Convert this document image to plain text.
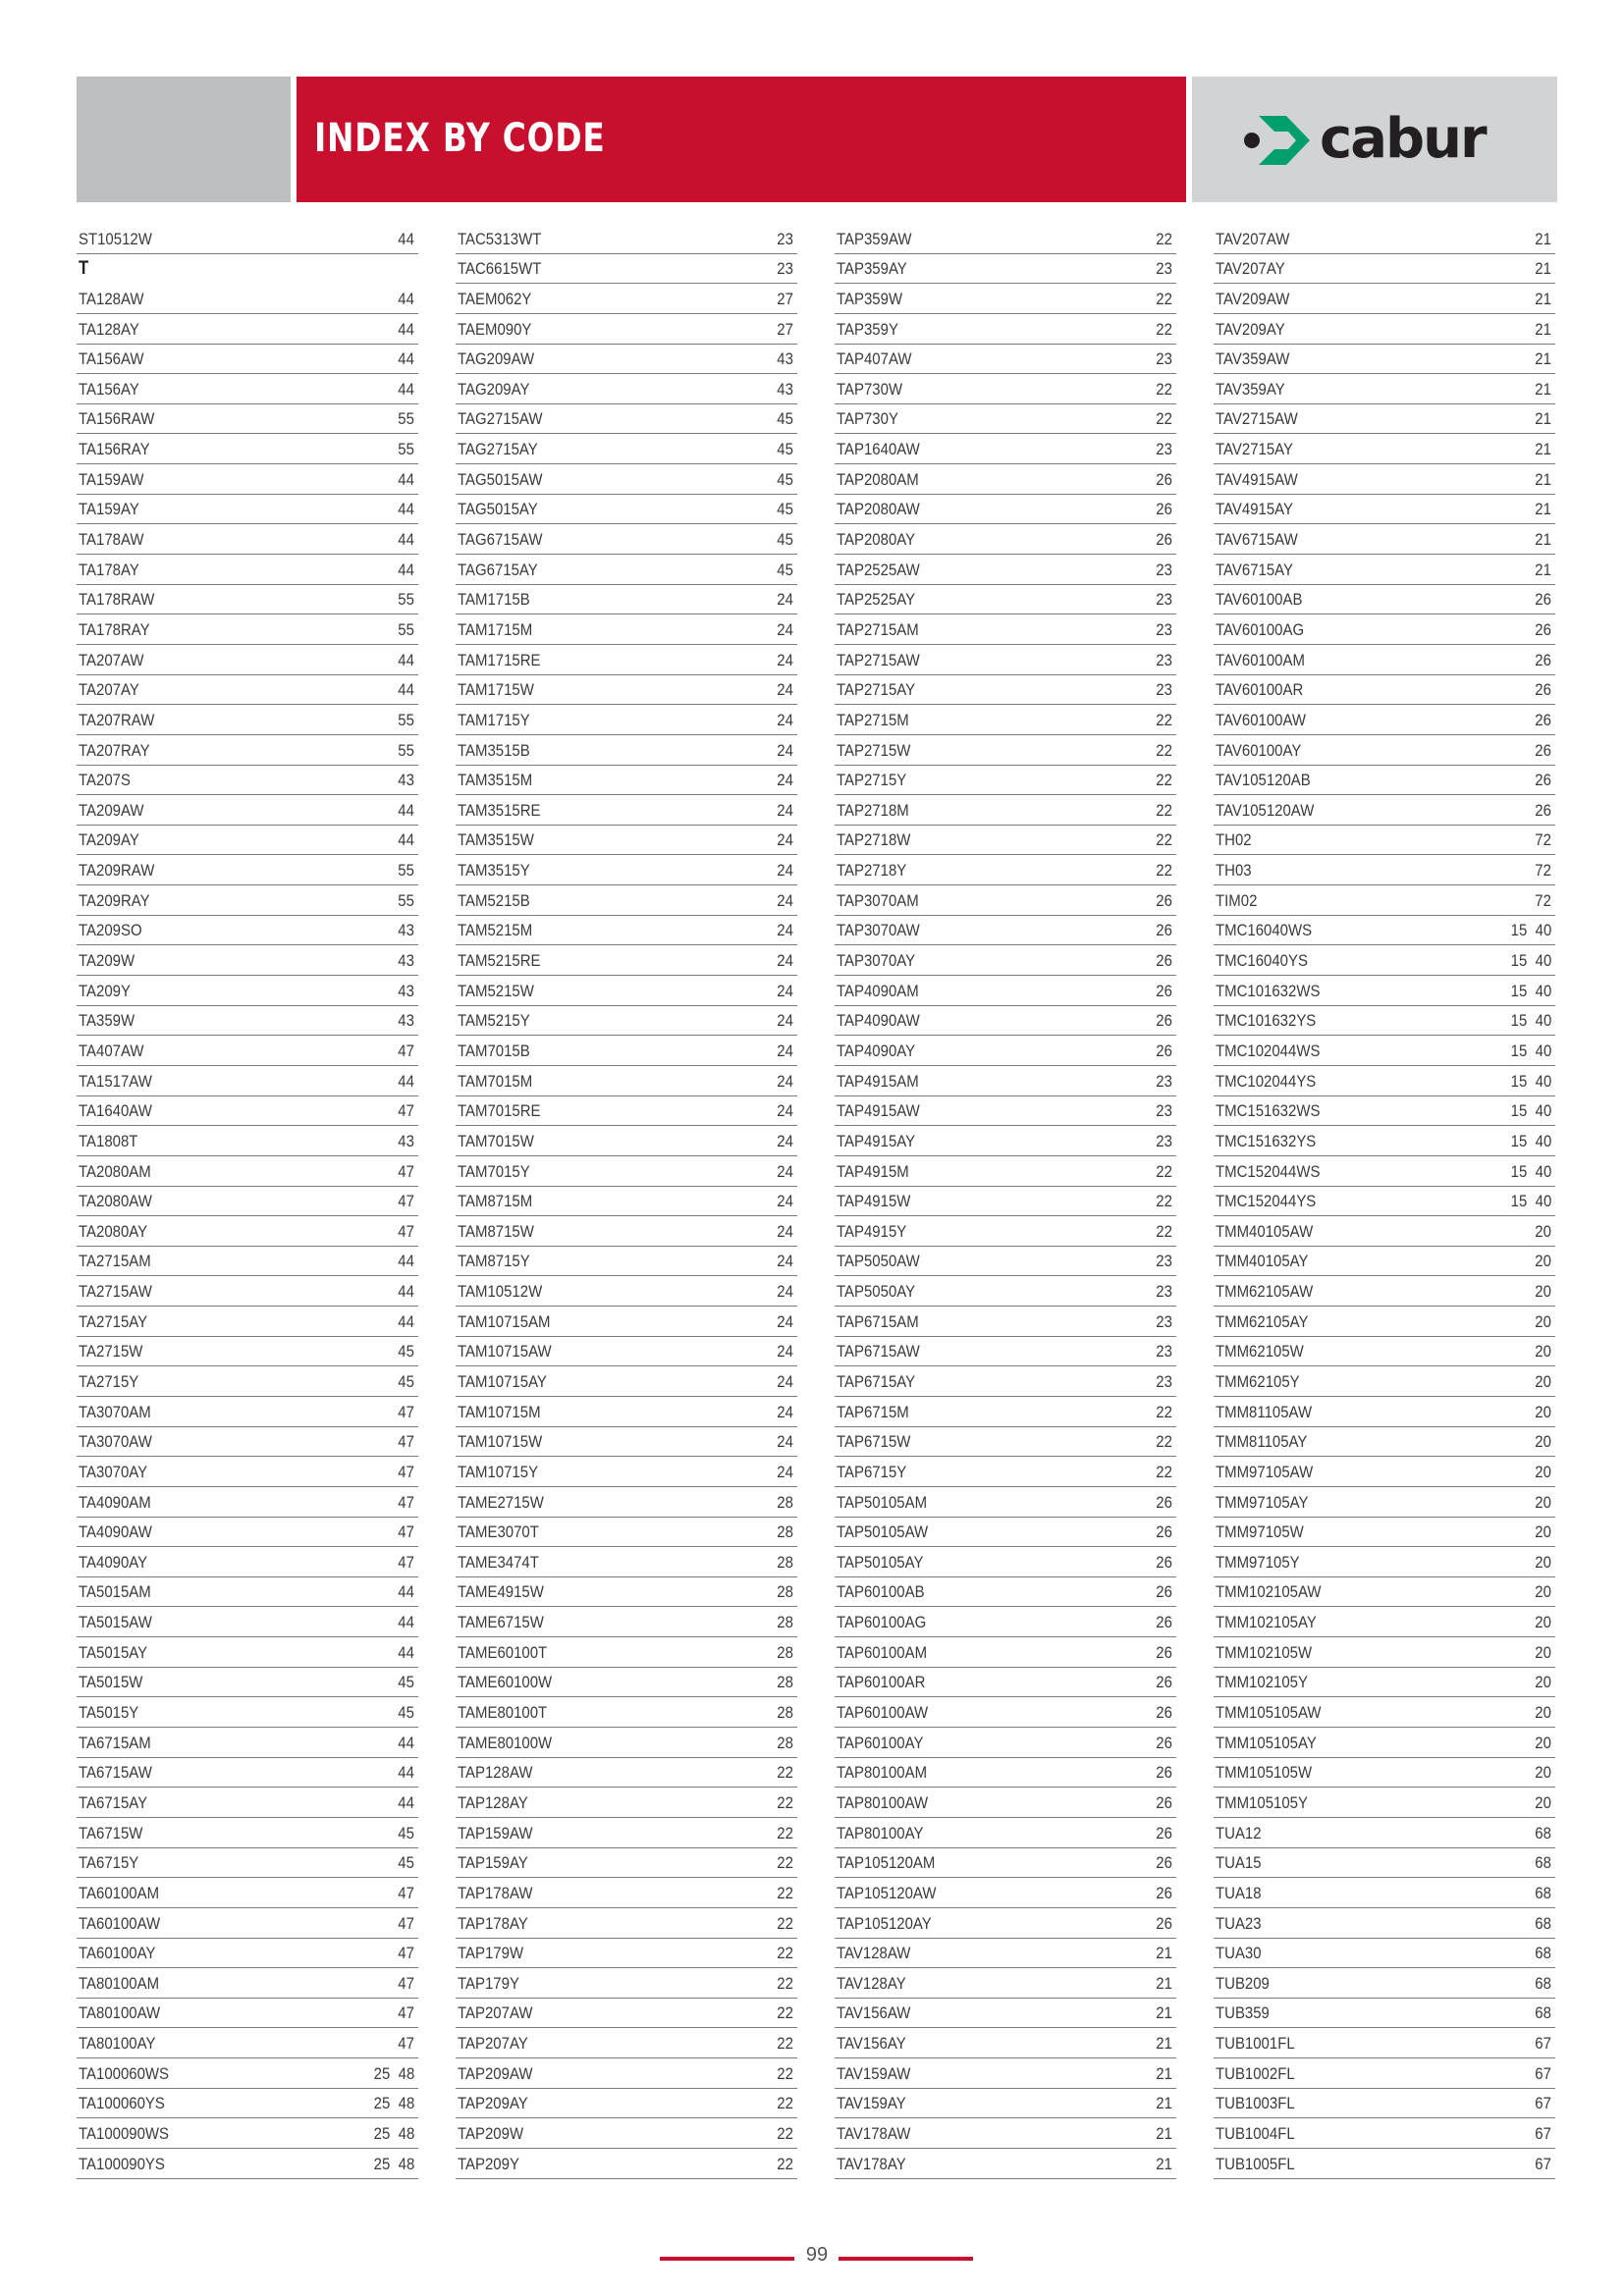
INDEX BY CODE	cabur
ST10512W	44
T
TA128AW	44
TA128AY	44
TA156AW	44
TA156AY	44
TA156RAW	55
TA156RAY	55
TA159AW	44
TA159AY	44
TA178AW	44
TA178AY	44
TA178RAW	55
TA178RAY	55
TA207AW	44
TA207AY	44
TA207RAW	55
TA207RAY	55
TA207S	43
TA209AW	44
TA209AY	44
TA209RAW	55
TA209RAY	55
TA209SO	43
TA209W	43
TA209Y	43
TA359W	43
TA407AW	47
TA1517AW	44
TA1640AW	47
TA1808T	43
TA2080AM	47
TA2080AW	47
TA2080AY	47
TA2715AM	44
TA2715AW	44
TA2715AY	44
TA2715W	45
TA2715Y	45
TA3070AM	47
TA3070AW	47
TA3070AY	47
TA4090AM	47
TA4090AW	47
TA4090AY	47
TA5015AM	44
TA5015AW	44
TA5015AY	44
TA5015W	45
TA5015Y	45
TA6715AM	44
TA6715AW	44
TA6715AY	44
TA6715W	45
TA6715Y	45
TA60100AM	47
TA60100AW	47
TA60100AY	47
TA80100AM	47
TA80100AW	47
TA80100AY	47
TA100060WS	25  48
TA100060YS	25  48
TA100090WS	25  48
TA100090YS	25  48
TAC5313WT	23
TAC6615WT	23
TAEM062Y	27
TAEM090Y	27
TAG209AW	43
TAG209AY	43
TAG2715AW	45
TAG2715AY	45
TAG5015AW	45
TAG5015AY	45
TAG6715AW	45
TAG6715AY	45
TAM1715B	24
TAM1715M	24
TAM1715RE	24
TAM1715W	24
TAM1715Y	24
TAM3515B	24
TAM3515M	24
TAM3515RE	24
TAM3515W	24
TAM3515Y	24
TAM5215B	24
TAM5215M	24
TAM5215RE	24
TAM5215W	24
TAM5215Y	24
TAM7015B	24
TAM7015M	24
TAM7015RE	24
TAM7015W	24
TAM7015Y	24
TAM8715M	24
TAM8715W	24
TAM8715Y	24
TAM10512W	24
TAM10715AM	24
TAM10715AW	24
TAM10715AY	24
TAM10715M	24
TAM10715W	24
TAM10715Y	24
TAME2715W	28
TAME3070T	28
TAME3474T	28
TAME4915W	28
TAME6715W	28
TAME60100T	28
TAME60100W	28
TAME80100T	28
TAME80100W	28
TAP128AW	22
TAP128AY	22
TAP159AW	22
TAP159AY	22
TAP178AW	22
TAP178AY	22
TAP179W	22
TAP179Y	22
TAP207AW	22
TAP207AY	22
TAP209AW	22
TAP209AY	22
TAP209W	22
TAP209Y	22
TAP359AW	22
TAP359AY	23
TAP359W	22
TAP359Y	22
TAP407AW	23
TAP730W	22
TAP730Y	22
TAP1640AW	23
TAP2080AM	26
TAP2080AW	26
TAP2080AY	26
TAP2525AW	23
TAP2525AY	23
TAP2715AM	23
TAP2715AW	23
TAP2715AY	23
TAP2715M	22
TAP2715W	22
TAP2715Y	22
TAP2718M	22
TAP2718W	22
TAP2718Y	22
TAP3070AM	26
TAP3070AW	26
TAP3070AY	26
TAP4090AM	26
TAP4090AW	26
TAP4090AY	26
TAP4915AM	23
TAP4915AW	23
TAP4915AY	23
TAP4915M	22
TAP4915W	22
TAP4915Y	22
TAP5050AW	23
TAP5050AY	23
TAP6715AM	23
TAP6715AW	23
TAP6715AY	23
TAP6715M	22
TAP6715W	22
TAP6715Y	22
TAP50105AM	26
TAP50105AW	26
TAP50105AY	26
TAP60100AB	26
TAP60100AG	26
TAP60100AM	26
TAP60100AR	26
TAP60100AW	26
TAP60100AY	26
TAP80100AM	26
TAP80100AW	26
TAP80100AY	26
TAP105120AM	26
TAP105120AW	26
TAP105120AY	26
TAV128AW	21
TAV128AY	21
TAV156AW	21
TAV156AY	21
TAV159AW	21
TAV159AY	21
TAV178AW	21
TAV178AY	21
TAV207AW	21
TAV207AY	21
TAV209AW	21
TAV209AY	21
TAV359AW	21
TAV359AY	21
TAV2715AW	21
TAV2715AY	21
TAV4915AW	21
TAV4915AY	21
TAV6715AW	21
TAV6715AY	21
TAV60100AB	26
TAV60100AG	26
TAV60100AM	26
TAV60100AR	26
TAV60100AW	26
TAV60100AY	26
TAV105120AB	26
TAV105120AW	26
TH02	72
TH03	72
TIM02	72
TMC16040WS	15  40
TMC16040YS	15  40
TMC101632WS	15  40
TMC101632YS	15  40
TMC102044WS	15  40
TMC102044YS	15  40
TMC151632WS	15  40
TMC151632YS	15  40
TMC152044WS	15  40
TMC152044YS	15  40
TMM40105AW	20
TMM40105AY	20
TMM62105AW	20
TMM62105AY	20
TMM62105W	20
TMM62105Y	20
TMM81105AW	20
TMM81105AY	20
TMM97105AW	20
TMM97105AY	20
TMM97105W	20
TMM97105Y	20
TMM102105AW	20
TMM102105AY	20
TMM102105W	20
TMM102105Y	20
TMM105105AW	20
TMM105105AY	20
TMM105105W	20
TMM105105Y	20
TUA12	68
TUA15	68
TUA18	68
TUA23	68
TUA30	68
TUB209	68
TUB359	68
TUB1001FL	67
TUB1002FL	67
TUB1003FL	67
TUB1004FL	67
TUB1005FL	67
99
